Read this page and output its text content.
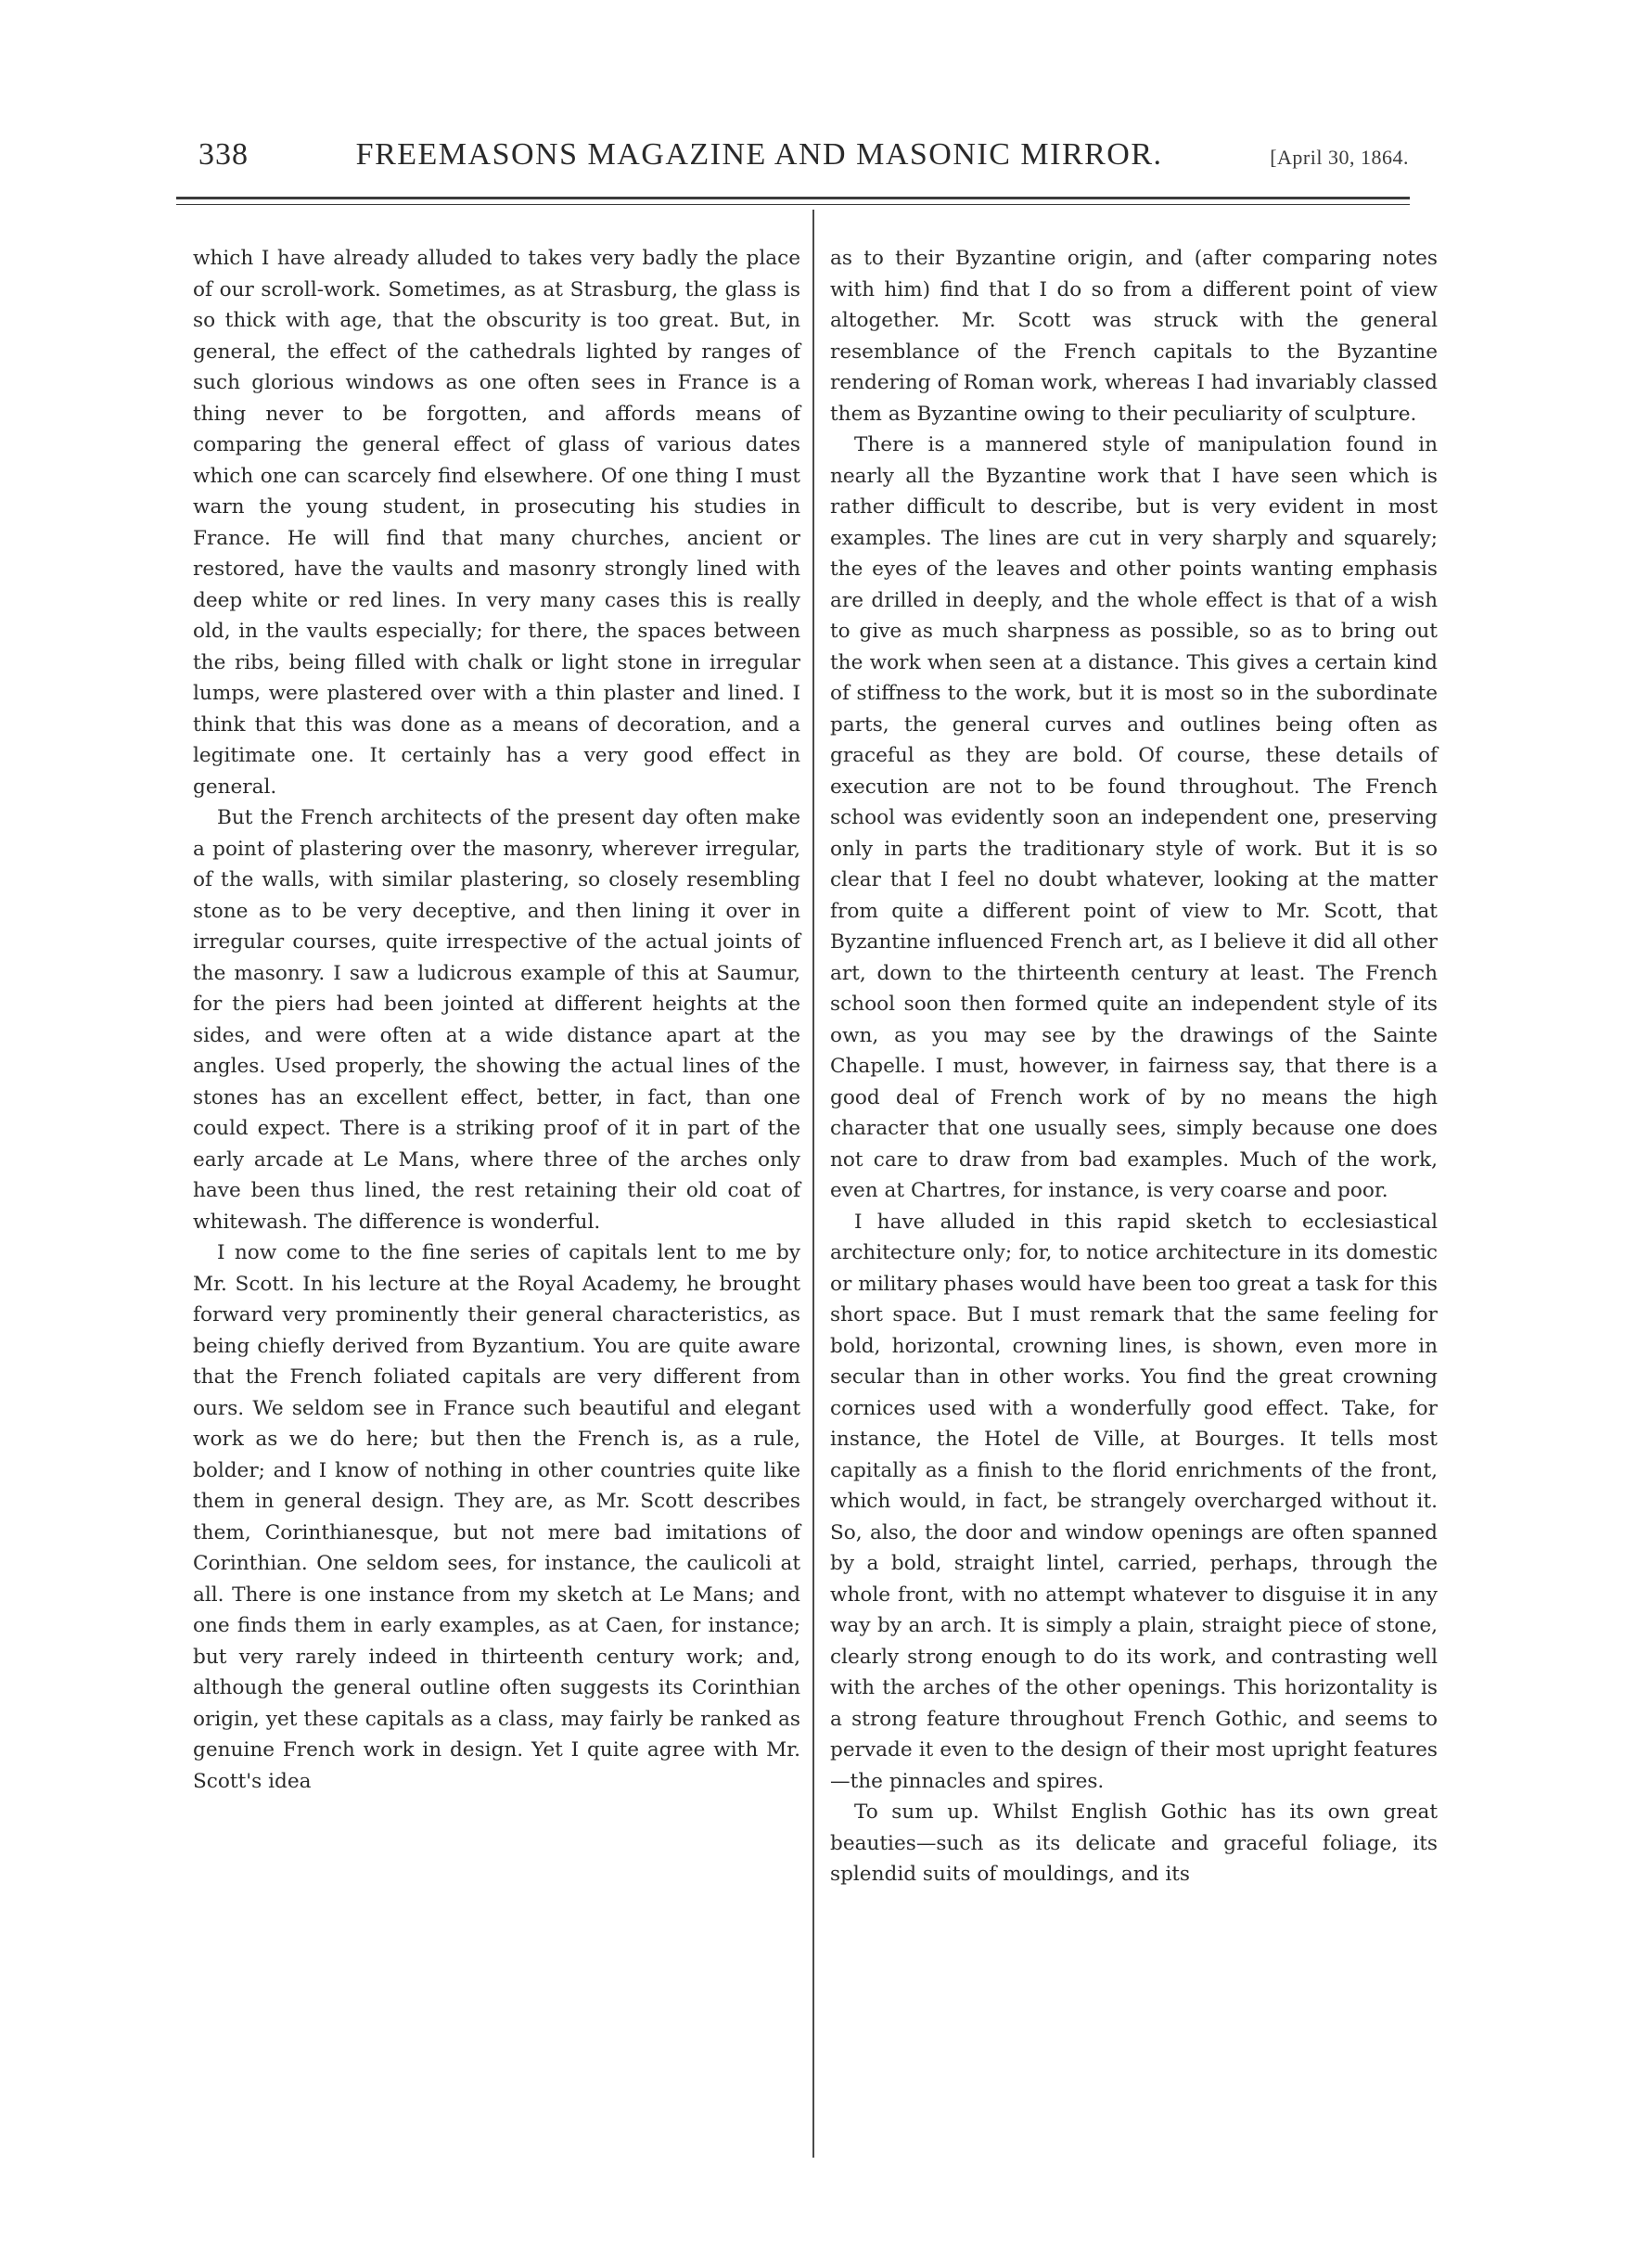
338	FREEMASONS MAGAZINE AND MASONIC MIRROR.	[April 30, 1864.

which I have already alluded to takes very badly the place of our scroll-work. Sometimes, as at Strasburg, the glass is so thick with age, that the obscurity is too great. But, in general, the effect of the cathedrals lighted by ranges of such glorious windows as one often sees in France is a thing never to be forgotten, and affords means of comparing the general effect of glass of various dates which one can scarcely find elsewhere. Of one thing I must warn the young student, in prosecuting his studies in France. He will find that many churches, ancient or restored, have the vaults and masonry strongly lined with deep white or red lines. In very many cases this is really old, in the vaults especially; for there, the spaces between the ribs, being filled with chalk or light stone in irregular lumps, were plastered over with a thin plaster and lined. I think that this was done as a means of decoration, and a legitimate one. It certainly has a very good effect in general.

But the French architects of the present day often make a point of plastering over the masonry, wherever irregular, of the walls, with similar plastering, so closely resembling stone as to be very deceptive, and then lining it over in irregular courses, quite irrespective of the actual joints of the masonry. I saw a ludicrous example of this at Saumur, for the piers had been jointed at different heights at the sides, and were often at a wide distance apart at the angles. Used properly, the showing the actual lines of the stones has an excellent effect, better, in fact, than one could expect. There is a striking proof of it in part of the early arcade at Le Mans, where three of the arches only have been thus lined, the rest retaining their old coat of whitewash. The difference is wonderful.

I now come to the fine series of capitals lent to me by Mr. Scott. In his lecture at the Royal Academy, he brought forward very prominently their general characteristics, as being chiefly derived from Byzantium. You are quite aware that the French foliated capitals are very different from ours. We seldom see in France such beautiful and elegant work as we do here; but then the French is, as a rule, bolder; and I know of nothing in other countries quite like them in general design. They are, as Mr. Scott describes them, Corinthianesque, but not mere bad imitations of Corinthian. One seldom sees, for instance, the caulicoli at all. There is one instance from my sketch at Le Mans; and one finds them in early examples, as at Caen, for instance; but very rarely indeed in thirteenth century work; and, although the general outline often suggests its Corinthian origin, yet these capitals as a class, may fairly be ranked as genuine French work in design. Yet I quite agree with Mr. Scott's idea

as to their Byzantine origin, and (after comparing notes with him) find that I do so from a different point of view altogether. Mr. Scott was struck with the general resemblance of the French capitals to the Byzantine rendering of Roman work, whereas I had invariably classed them as Byzantine owing to their peculiarity of sculpture.

There is a mannered style of manipulation found in nearly all the Byzantine work that I have seen which is rather difficult to describe, but is very evident in most examples. The lines are cut in very sharply and squarely; the eyes of the leaves and other points wanting emphasis are drilled in deeply, and the whole effect is that of a wish to give as much sharpness as possible, so as to bring out the work when seen at a distance. This gives a certain kind of stiffness to the work, but it is most so in the subordinate parts, the general curves and outlines being often as graceful as they are bold. Of course, these details of execution are not to be found throughout. The French school was evidently soon an independent one, preserving only in parts the traditionary style of work. But it is so clear that I feel no doubt whatever, looking at the matter from quite a different point of view to Mr. Scott, that Byzantine influenced French art, as I believe it did all other art, down to the thirteenth century at least. The French school soon then formed quite an independent style of its own, as you may see by the drawings of the Sainte Chapelle. I must, however, in fairness say, that there is a good deal of French work of by no means the high character that one usually sees, simply because one does not care to draw from bad examples. Much of the work, even at Chartres, for instance, is very coarse and poor.

I have alluded in this rapid sketch to ecclesiastical architecture only; for, to notice architecture in its domestic or military phases would have been too great a task for this short space. But I must remark that the same feeling for bold, horizontal, crowning lines, is shown, even more in secular than in other works. You find the great crowning cornices used with a wonderfully good effect. Take, for instance, the Hotel de Ville, at Bourges. It tells most capitally as a finish to the florid enrichments of the front, which would, in fact, be strangely overcharged without it. So, also, the door and window openings are often spanned by a bold, straight lintel, carried, perhaps, through the whole front, with no attempt whatever to disguise it in any way by an arch. It is simply a plain, straight piece of stone, clearly strong enough to do its work, and contrasting well with the arches of the other openings. This horizontality is a strong feature throughout French Gothic, and seems to pervade it even to the design of their most upright features—the pinnacles and spires.

To sum up. Whilst English Gothic has its own great beauties—such as its delicate and graceful foliage, its splendid suits of mouldings, and its
